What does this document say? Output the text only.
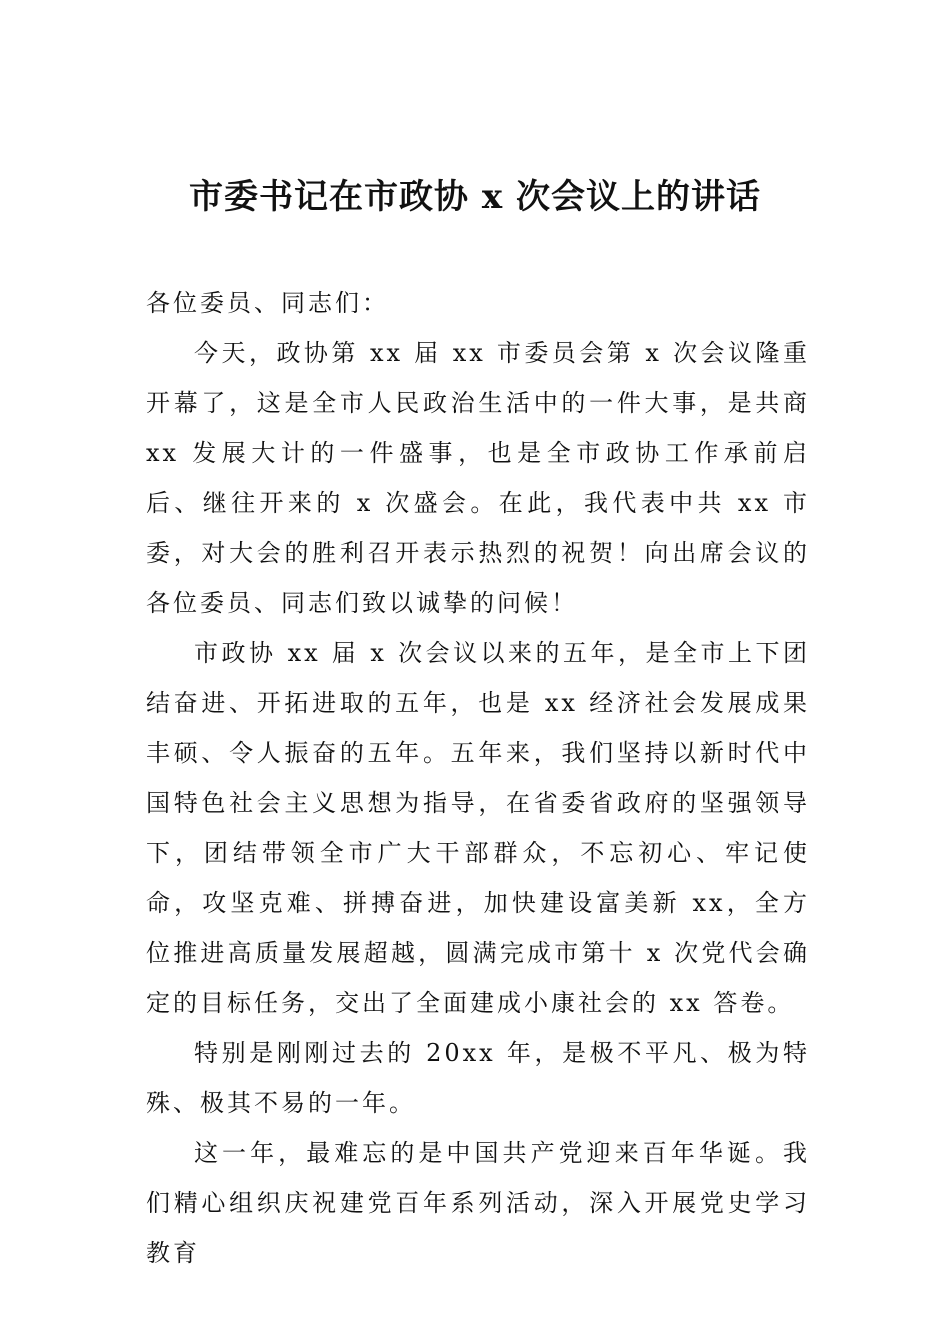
市委书记在市政协 x 次会议上的讲话

各位委员、同志们：

今天，政协第 xx 届 xx 市委员会第 x 次会议隆重开幕了，这是全市人民政治生活中的一件大事，是共商 xx 发展大计的一件盛事，也是全市政协工作承前启后、继往开来的 x 次盛会。在此，我代表中共 xx 市委，对大会的胜利召开表示热烈的祝贺！向出席会议的各位委员、同志们致以诚挚的问候！

市政协 xx 届 x 次会议以来的五年，是全市上下团结奋进、开拓进取的五年，也是 xx 经济社会发展成果丰硕、令人振奋的五年。五年来，我们坚持以新时代中国特色社会主义思想为指导，在省委省政府的坚强领导下，团结带领全市广大干部群众，不忘初心、牢记使命，攻坚克难、拼搏奋进，加快建设富美新 xx，全方位推进高质量发展超越，圆满完成市第十 x 次党代会确定的目标任务，交出了全面建成小康社会的 xx 答卷。

特别是刚刚过去的 20xx 年，是极不平凡、极为特殊、极其不易的一年。

这一年，最难忘的是中国共产党迎来百年华诞。我们精心组织庆祝建党百年系列活动，深入开展党史学习教育
